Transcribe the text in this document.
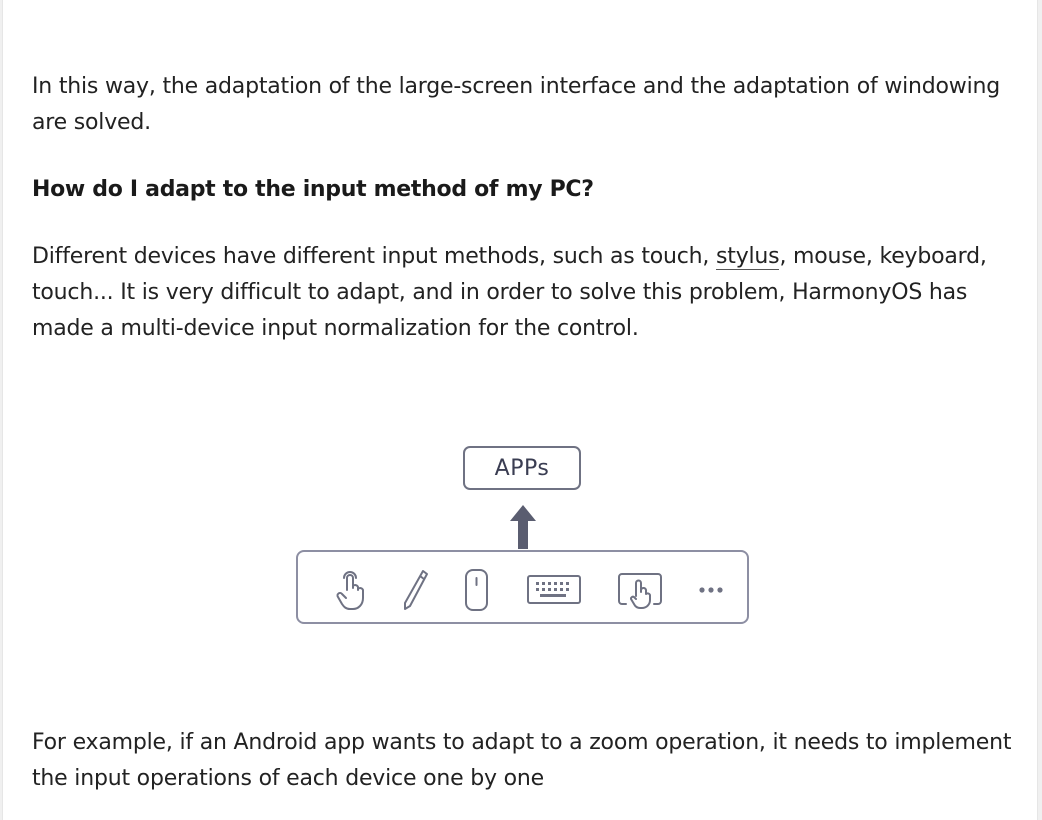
In this way, the adaptation of the large-screen interface and the adaptation of windowing are solved.

How do I adapt to the input method of my PC?

Different devices have different input methods, such as touch, stylus, mouse, keyboard, touch... It is very difficult to adapt, and in order to solve this problem, HarmonyOS has made a multi-device input normalization for the control.

APPs

For example, if an Android app wants to adapt to a zoom operation, it needs to implement the input operations of each device one by one
